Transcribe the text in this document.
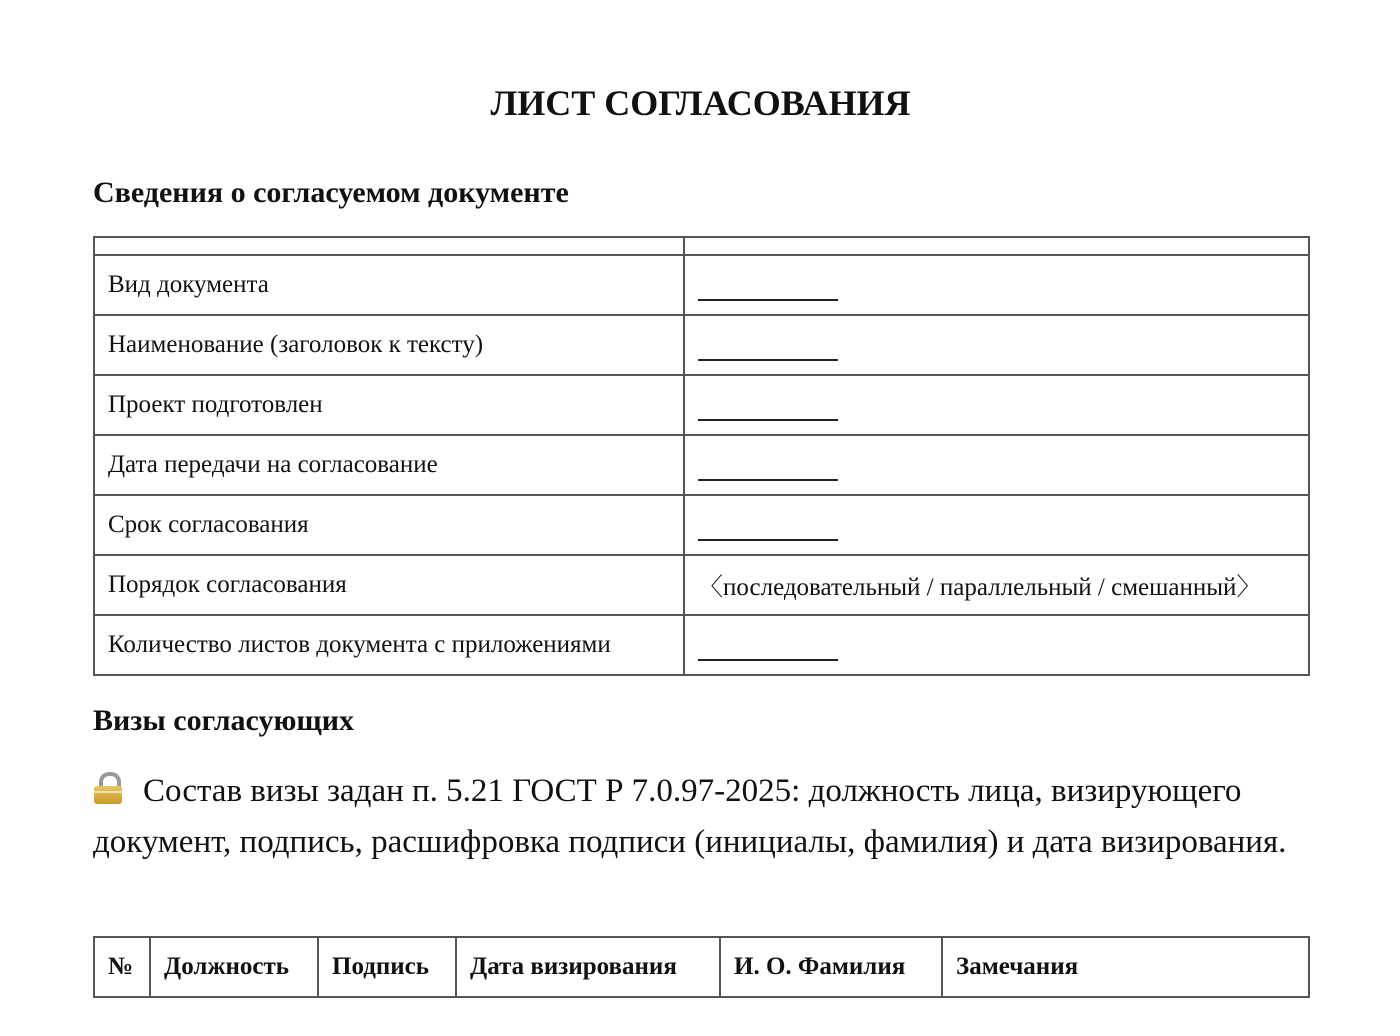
ЛИСТ СОГЛАСОВАНИЯ
Сведения о согласуемом документе

Вид документа	
Наименование (заголовок к тексту)	
Проект подготовлен	
Дата передачи на согласование	
Срок согласования	
Порядок согласования	〈последовательный / параллельный / смешанный〉
Количество листов документа с приложениями	
Визы согласующих

Состав визы задан п. 5.21 ГОСТ Р 7.0.97-2025: должность лица, визирующего документ, подпись, расшифровка подписи (инициалы, фамилия) и дата визирования.

№	Должность	Подпись	Дата визирования	И. О. Фамилия	Замечания
